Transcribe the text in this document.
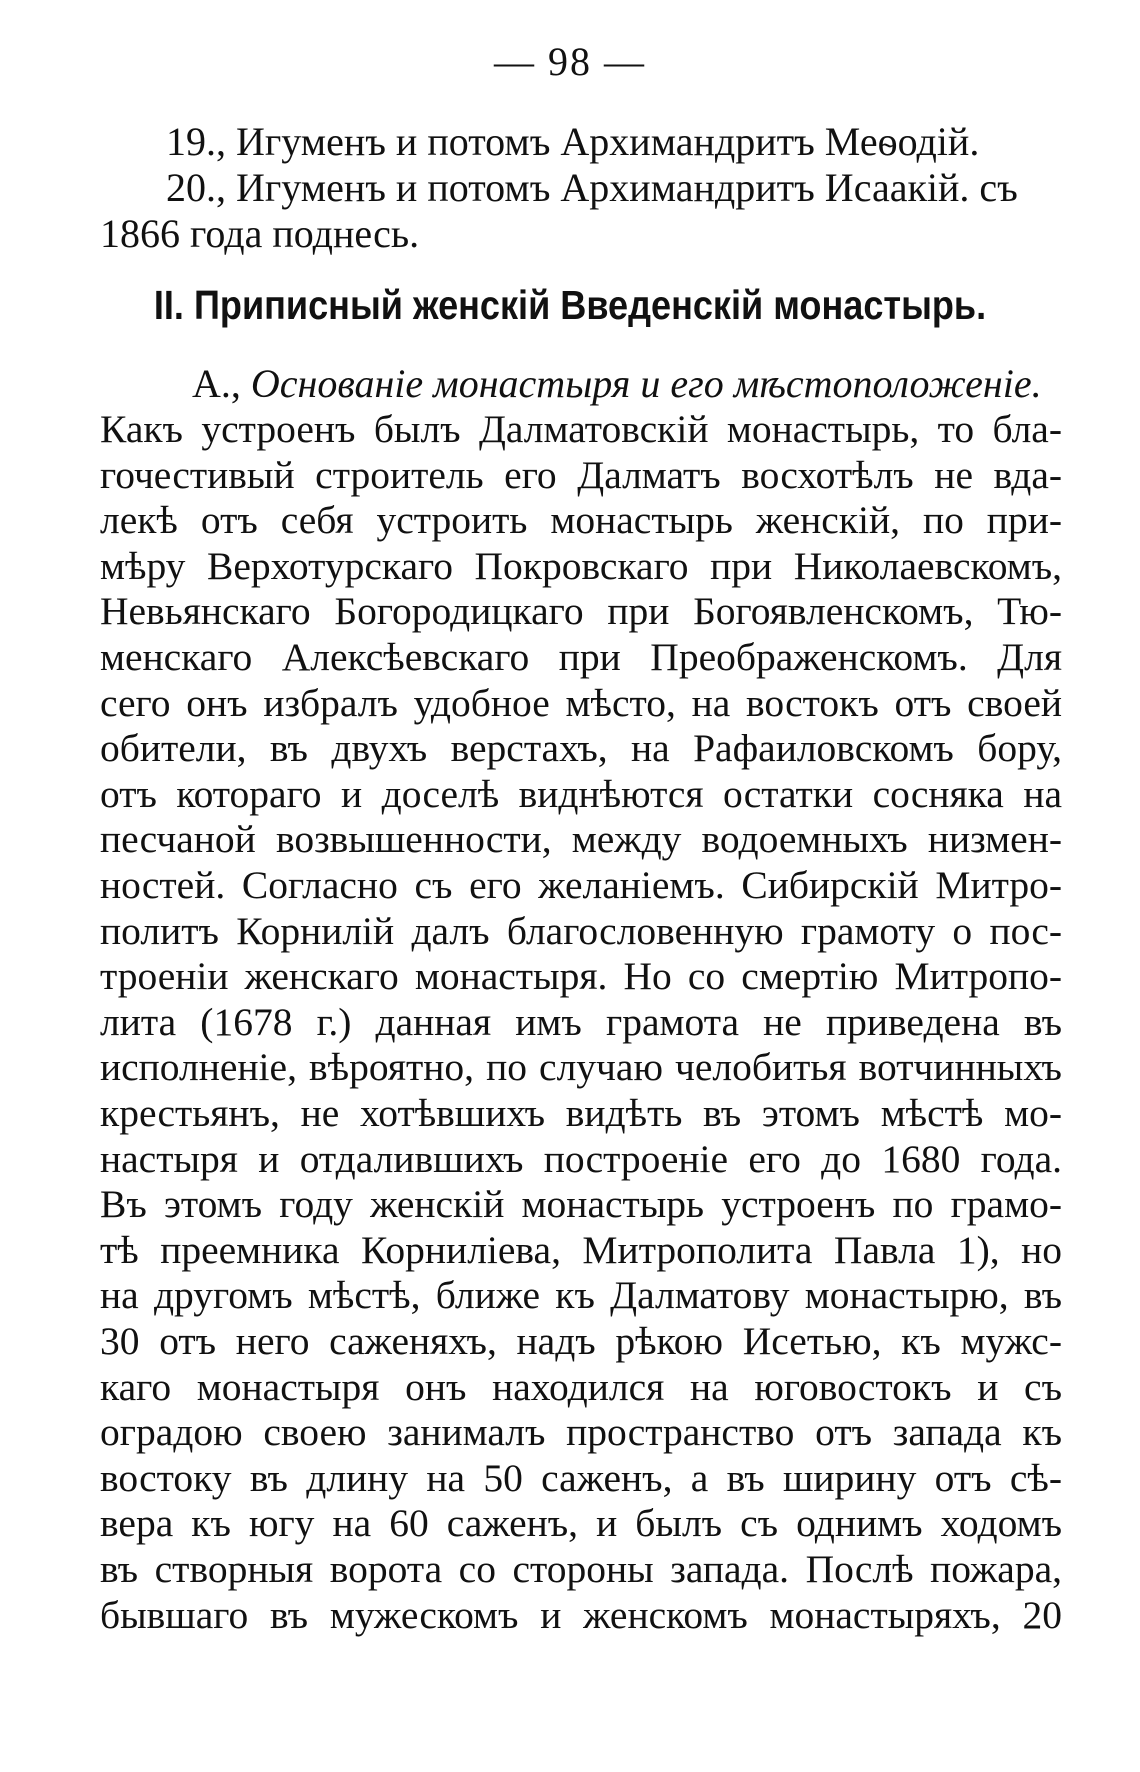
— 98 —
19., Игуменъ и потомъ Архимандритъ Меѳодій.
20., Игуменъ и потомъ Архимандритъ Исаакій. съ
1866 года поднесь.
II. Приписный женскій Введенскій монастырь.
А., Основаніе монастыря и его мѣстоположеніе.
Какъ устроенъ былъ Далматовскій монастырь, то бла-
гочестивый строитель его Далматъ восхотѣлъ не вда-
лекѣ отъ себя устроить монастырь женскій, по при-
мѣру Верхотурскаго Покровскаго при Николаевскомъ,
Невьянскаго Богородицкаго при Богоявленскомъ, Тю-
менскаго Алексѣевскаго при Преображенскомъ. Для
сего онъ избралъ удобное мѣсто, на востокъ отъ своей
обители, въ двухъ верстахъ, на Рафаиловскомъ бору,
отъ котораго и доселѣ виднѣются остатки сосняка на
песчаной возвышенности, между водоемныхъ низмен-
ностей. Согласно съ его желаніемъ. Сибирскій Митро-
политъ Корнилій далъ благословенную грамоту о пос-
троеніи женскаго монастыря. Но со смертію Митропо-
лита (1678 г.) данная имъ грамота не приведена въ
исполненіе, вѣроятно, по случаю челобитья вотчинныхъ
крестьянъ, не хотѣвшихъ видѣть въ этомъ мѣстѣ мо-
настыря и отдалившихъ построеніе его до 1680 года.
Въ этомъ году женскій монастырь устроенъ по грамо-
тѣ преемника Корниліева, Митрополита Павла 1), но
на другомъ мѣстѣ, ближе къ Далматову монастырю, въ
30 отъ него саженяхъ, надъ рѣкою Исетью, къ мужс-
каго монастыря онъ находился на юговостокъ и съ
оградою своею занималъ пространство отъ запада къ
востоку въ длину на 50 саженъ, а въ ширину отъ сѣ-
вера къ югу на 60 саженъ, и былъ съ однимъ ходомъ
въ створныя ворота со стороны запада. Послѣ пожара,
бывшаго въ мужескомъ и женскомъ монастыряхъ, 20
